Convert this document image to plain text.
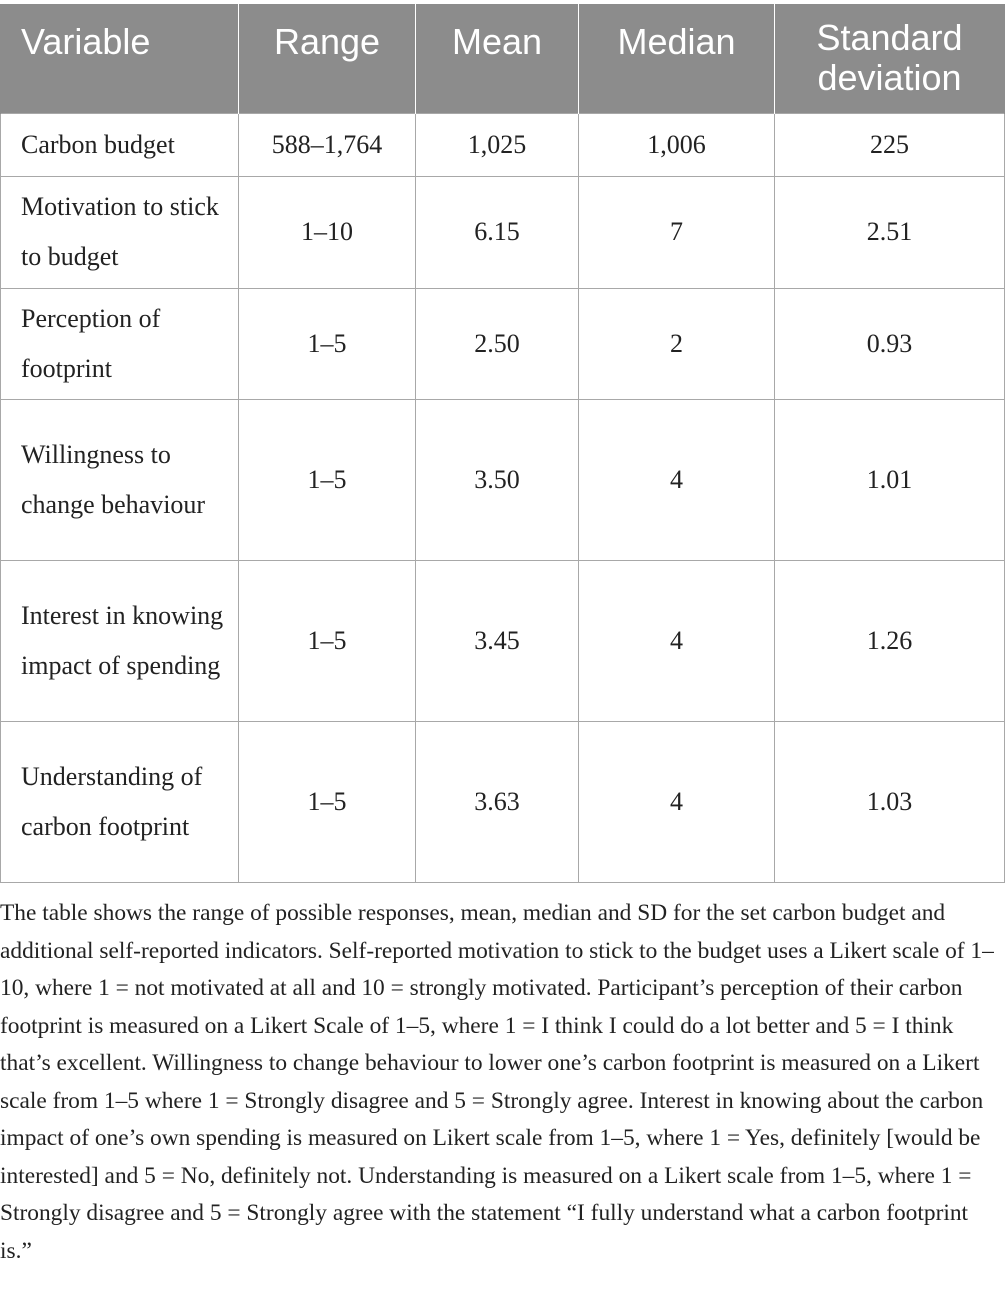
Variable	Range	Mean	Median	Standard deviation

Carbon budget	588–1,764	1,025	1,006	225
Motivation to stick to budget	1–10	6.15	7	2.51
Perception of footprint	1–5	2.50	2	0.93
Willingness to change behaviour	1–5	3.50	4	1.01
Interest in knowing impact of spending	1–5	3.45	4	1.26
Understanding of carbon footprint	1–5	3.63	4	1.03

The table shows the range of possible responses, mean, median and SD for the set carbon budget and additional self-reported indicators. Self-reported motivation to stick to the budget uses a Likert scale of 1–10, where 1 = not motivated at all and 10 = strongly motivated. Participant’s perception of their carbon footprint is measured on a Likert Scale of 1–5, where 1 = I think I could do a lot better and 5 = I think that’s excellent. Willingness to change behaviour to lower one’s carbon footprint is measured on a Likert scale from 1–5 where 1 = Strongly disagree and 5 = Strongly agree. Interest in knowing about the carbon impact of one’s own spending is measured on Likert scale from 1–5, where 1 = Yes, definitely [would be interested] and 5 = No, definitely not. Understanding is measured on a Likert scale from 1–5, where 1 = Strongly disagree and 5 = Strongly agree with the statement “I fully understand what a carbon footprint is.”
